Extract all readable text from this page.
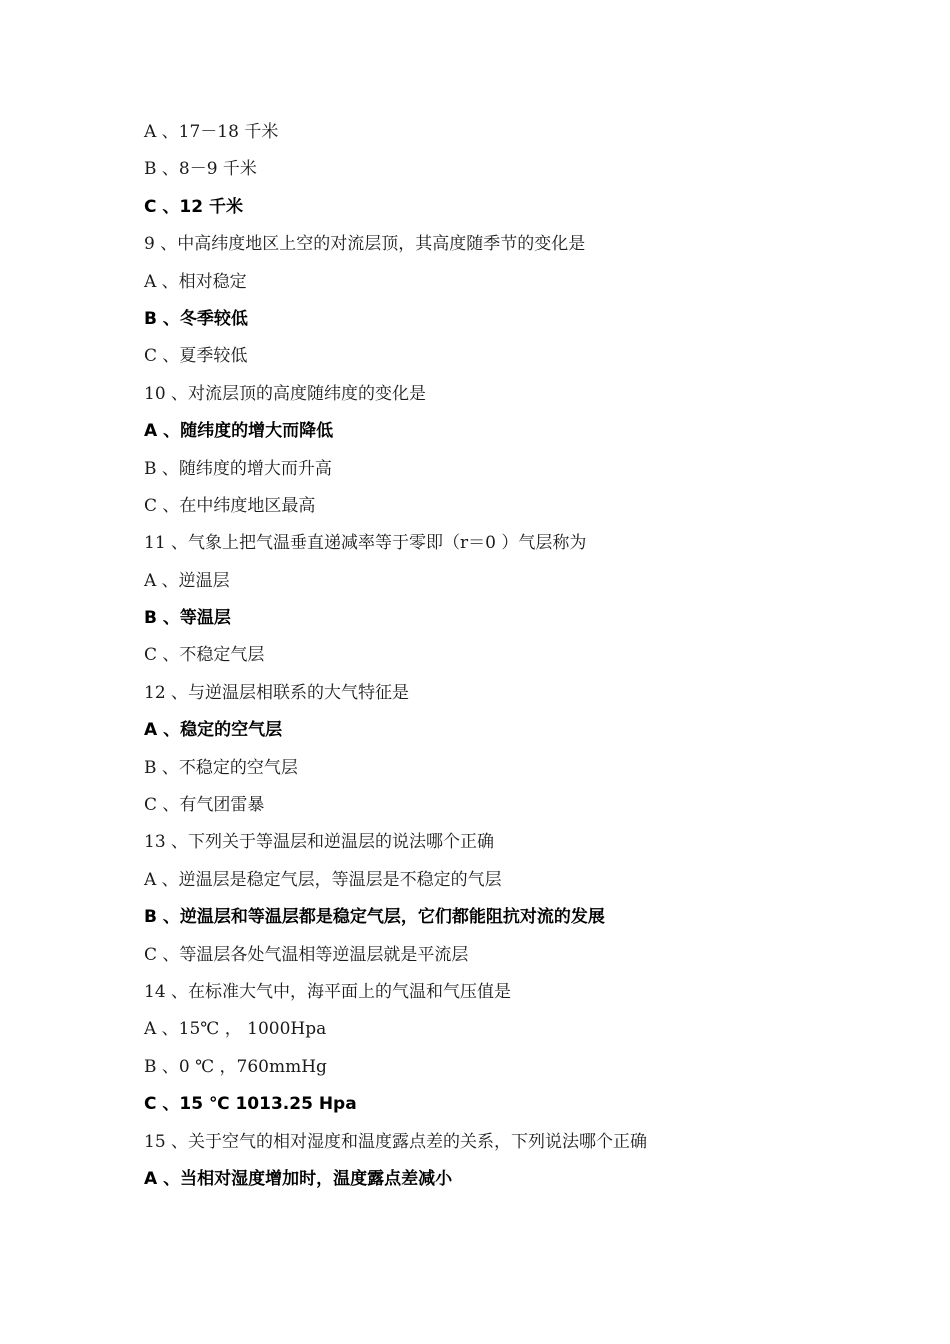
A 、17－18 千米
B 、8－9 千米
C 、12 千米
9 、中高纬度地区上空的对流层顶，其高度随季节的变化是
A 、相对稳定
B 、冬季较低
C 、夏季较低
10 、对流层顶的高度随纬度的变化是
A 、随纬度的增大而降低
B 、随纬度的增大而升高
C 、在中纬度地区最高
11 、气象上把气温垂直递减率等于零即（r＝0 ）气层称为
A 、逆温层
B 、等温层
C 、不稳定气层
12 、与逆温层相联系的大气特征是
A 、稳定的空气层
B 、不稳定的空气层
C 、有气团雷暴
13 、下列关于等温层和逆温层的说法哪个正确
A 、逆温层是稳定气层，等温层是不稳定的气层
B 、逆温层和等温层都是稳定气层，它们都能阻抗对流的发展
C 、等温层各处气温相等逆温层就是平流层
14 、在标准大气中，海平面上的气温和气压值是
A 、15℃ ， 1000Hpa
B 、0 ℃ ，760mmHg
C 、15 ℃ 1013.25 Hpa
15 、关于空气的相对湿度和温度露点差的关系，下列说法哪个正确
A 、当相对湿度增加时，温度露点差减小
